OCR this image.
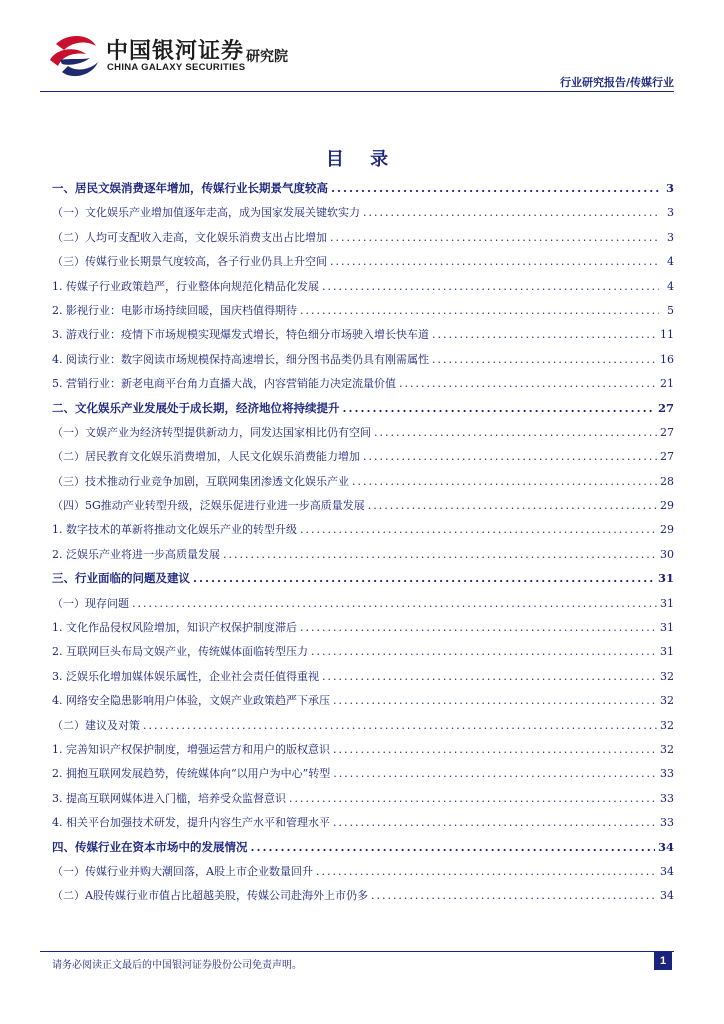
中国银河证券
CHINA GALAXY SECURITIES
研究院
行业研究报告/传媒行业
目 录
一、居民文娱消费逐年增加，传媒行业长期景气度较高 .....	3
（一）文化娱乐产业增加值逐年走高，成为国家发展关键软实力 .....	3
（二）人均可支配收入走高，文化娱乐消费支出占比增加 .....	3
（三）传媒行业长期景气度较高，各子行业仍具上升空间 .....	4
1. 传媒子行业政策趋严，行业整体向规范化精品化发展 .....	4
2. 影视行业：电影市场持续回暖，国庆档值得期待 .....	5
3. 游戏行业：疫情下市场规模实现爆发式增长，特色细分市场驶入增长快车道 .....	11
4. 阅读行业：数字阅读市场规模保持高速增长，细分图书品类仍具有刚需属性 .....	16
5. 营销行业：新老电商平台角力直播大战，内容营销能力决定流量价值 .....	21
二、文化娱乐产业发展处于成长期，经济地位将持续提升 .....	27
（一）文娱产业为经济转型提供新动力，同发达国家相比仍有空间 .....	27
（二）居民教育文化娱乐消费增加，人民文化娱乐消费能力增加 .....	27
（三）技术推动行业竞争加剧，互联网集团渗透文化娱乐产业 .....	28
（四）5G推动产业转型升级，泛娱乐促进行业进一步高质量发展 .....	29
1. 数字技术的革新将推动文化娱乐产业的转型升级 .....	29
2. 泛娱乐产业将进一步高质量发展 .....	30
三、行业面临的问题及建议 .....	31
（一）现存问题 .....	31
1. 文化作品侵权风险增加，知识产权保护制度滞后 .....	31
2. 互联网巨头布局文娱产业，传统媒体面临转型压力 .....	31
3. 泛娱乐化增加媒体娱乐属性，企业社会责任值得重视 .....	32
4. 网络安全隐患影响用户体验，文娱产业政策趋严下承压 .....	32
（二）建议及对策 .....	32
1. 完善知识产权保护制度，增强运营方和用户的版权意识 .....	32
2. 拥抱互联网发展趋势，传统媒体向“以用户为中心”转型 .....	33
3. 提高互联网媒体进入门槛，培养受众监督意识 .....	33
4. 相关平台加强技术研发，提升内容生产水平和管理水平 .....	33
四、传媒行业在资本市场中的发展情况 .....	34
（一）传媒行业并购大潮回落，A股上市企业数量回升 .....	34
（二）A股传媒行业市值占比超越美股，传媒公司赴海外上市仍多 .....	34
请务必阅读正文最后的中国银河证券股份公司免责声明。	1
